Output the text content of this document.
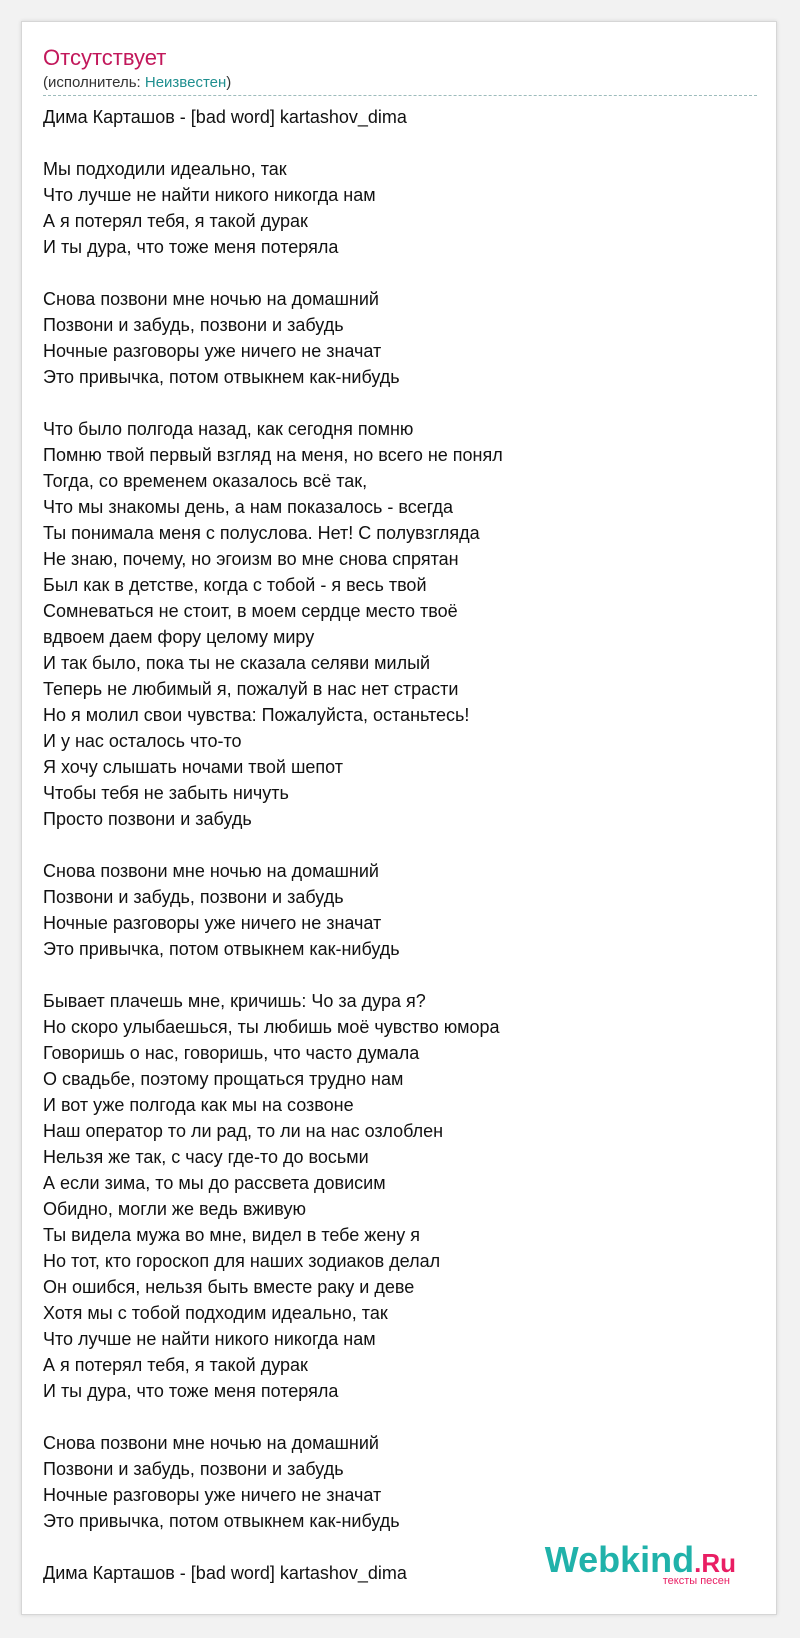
Отсутствует
(исполнитель: Неизвестен)
Дима Карташов - [bad word] kartashov_dima
Мы подходили идеально, так
Что лучше не найти никого никогда нам
А я потерял тебя, я такой дурак
И ты дура, что тоже меня потеряла
Снова позвони мне ночью на домашний
Позвони и забудь, позвони и забудь
Ночные разговоры уже ничего не значат
Это привычка, потом отвыкнем как-нибудь
Что было полгода назад, как сегодня помню
Помню твой первый взгляд на меня, но всего не понял
Тогда, со временем оказалось всё так,
Что мы знакомы день, а нам показалось - всегда
Ты понимала меня с полуслова. Нет! С полувзгляда
Не знаю, почему, но эгоизм во мне снова спрятан
Был как в детстве, когда с тобой - я весь твой
Сомневаться не стоит, в моем сердце место твоё
вдвоем даем фору целому миру
И так было, пока ты не сказала селяви милый
Теперь не любимый я, пожалуй в нас нет страсти
Но я молил свои чувства: Пожалуйста, останьтесь!
И у нас осталось что-то
Я хочу слышать ночами твой шепот
Чтобы тебя не забыть ничуть
Просто позвони и забудь
Снова позвони мне ночью на домашний
Позвони и забудь, позвони и забудь
Ночные разговоры уже ничего не значат
Это привычка, потом отвыкнем как-нибудь
Бывает плачешь мне, кричишь: Чо за дура я?
Но скоро улыбаешься, ты любишь моё чувство юмора
Говоришь о нас, говоришь, что часто думала
О свадьбе, поэтому прощаться трудно нам
И вот уже полгода как мы на созвоне
Наш оператор то ли рад, то ли на нас озлоблен
Нельзя же так, с часу где-то до восьми
А если зима, то мы до рассвета довисим
Обидно, могли же ведь вживую
Ты видела мужа во мне, видел в тебе жену я
Но тот, кто гороскоп для наших зодиаков делал
Он ошибся, нельзя быть вместе раку и деве
Хотя мы с тобой подходим идеально, так
Что лучше не найти никого никогда нам
А я потерял тебя, я такой дурак
И ты дура, что тоже меня потеряла
Снова позвони мне ночью на домашний
Позвони и забудь, позвони и забудь
Ночные разговоры уже ничего не значат
Это привычка, потом отвыкнем как-нибудь
Дима Карташов - [bad word] kartashov_dima	Webkind.Ru
тексты песен
